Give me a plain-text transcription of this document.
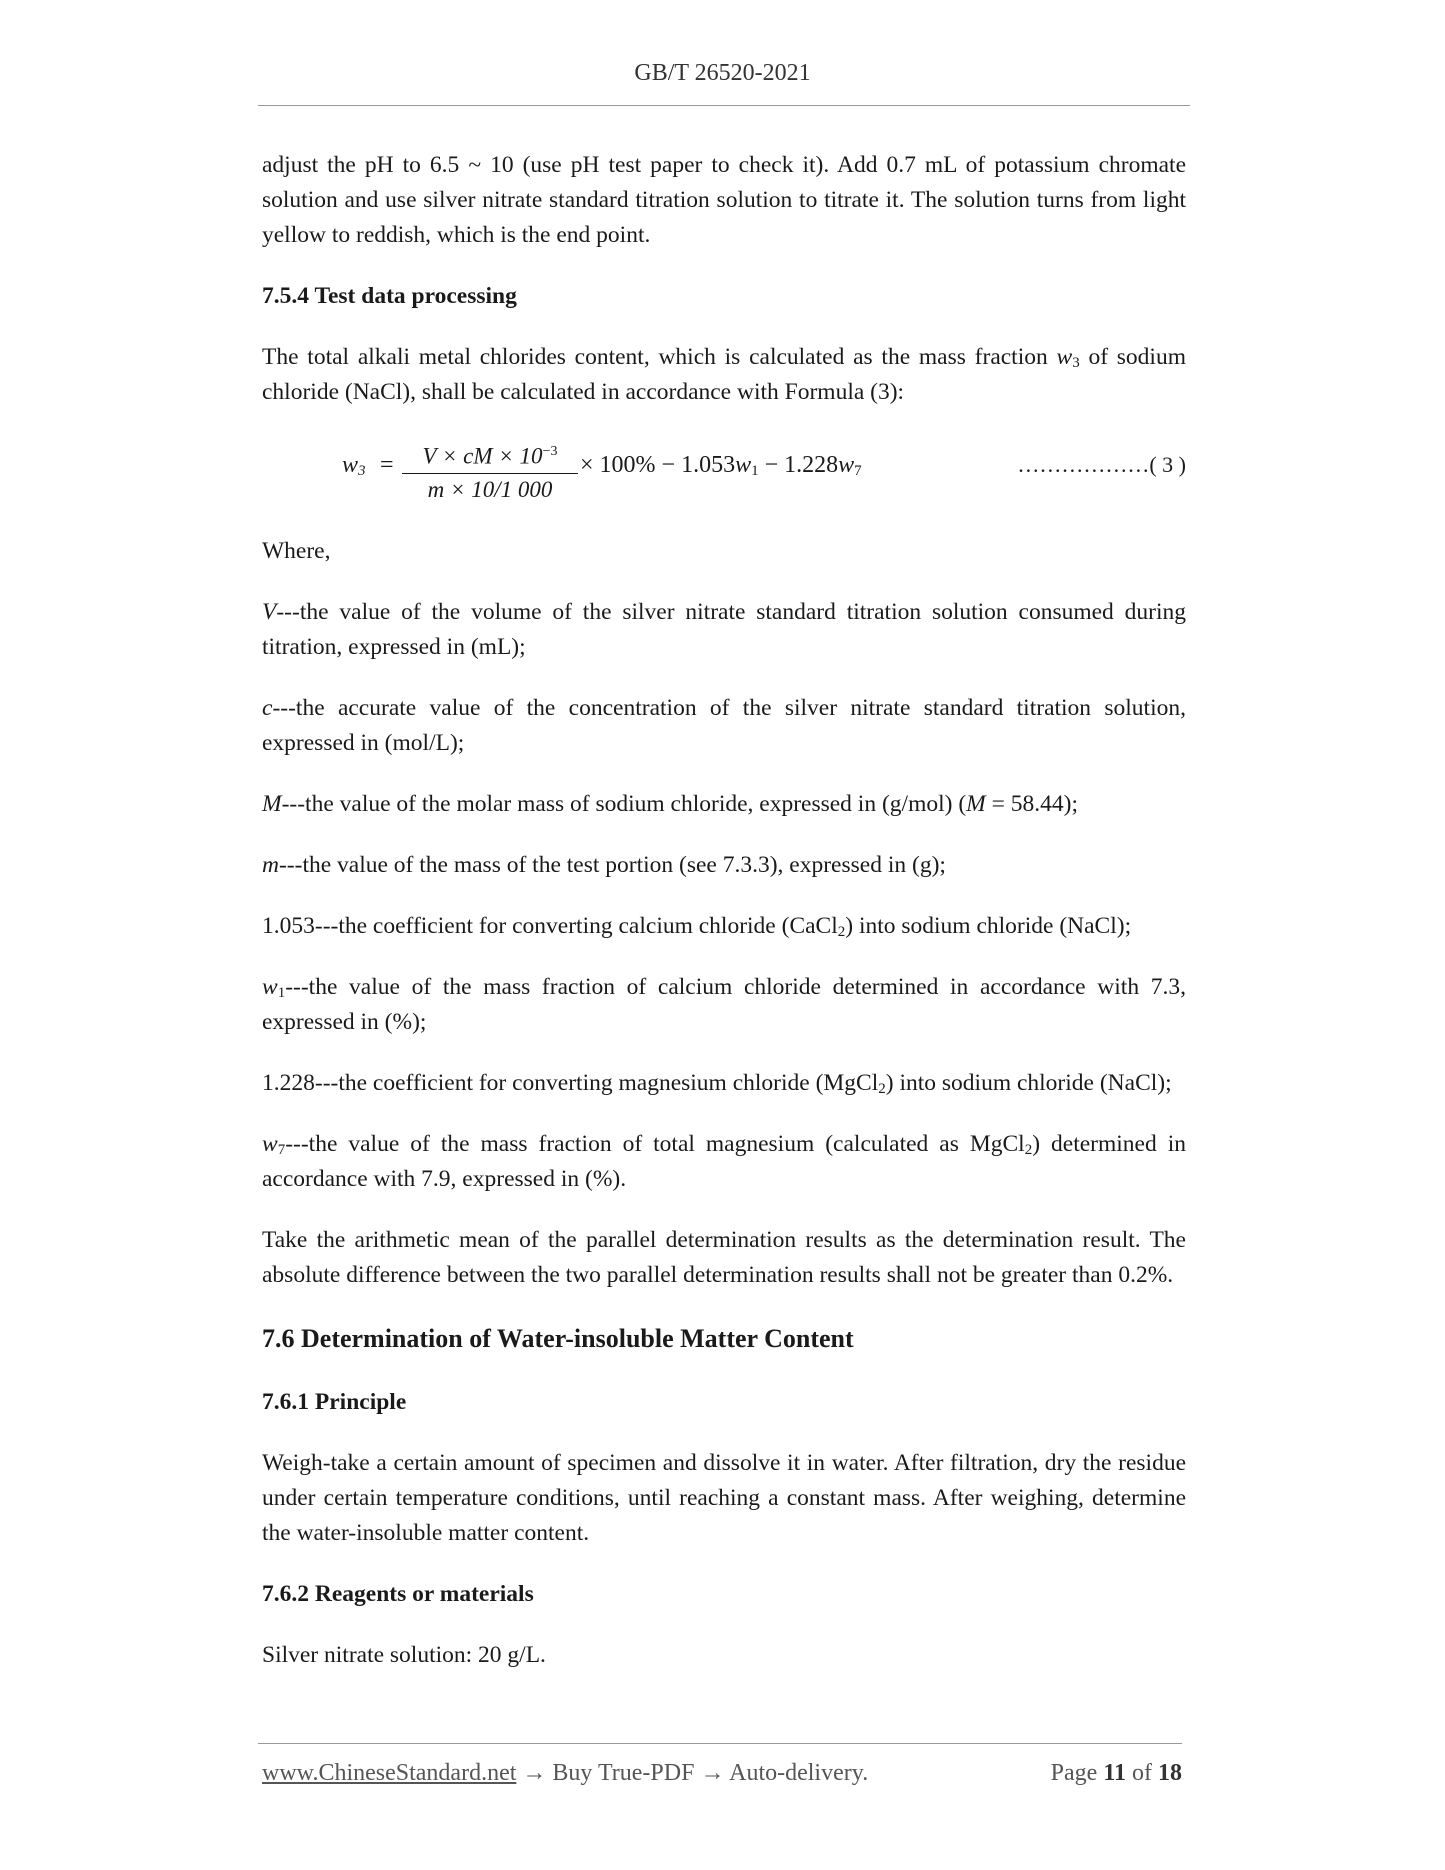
GB/T 26520-2021

adjust the pH to 6.5 ~ 10 (use pH test paper to check it). Add 0.7 mL of potassium chromate solution and use silver nitrate standard titration solution to titrate it. The solution turns from light yellow to reddish, which is the end point.

7.5.4 Test data processing

The total alkali metal chlorides content, which is calculated as the mass fraction $w_3$ of sodium chloride (NaCl), shall be calculated in accordance with Formula (3):

$w_3$ =	V × cM × $10^{-3}$
m × 10/1 000
× $100\% - 1.053w_1 - 1.228w_7$	………………( 3 )

Where,

V---the value of the volume of the silver nitrate standard titration solution consumed during titration, expressed in (mL);

c---the accurate value of the concentration of the silver nitrate standard titration solution, expressed in (mol/L);

M---the value of the molar mass of sodium chloride, expressed in (g/mol) (M = 58.44);

m---the value of the mass of the test portion (see 7.3.3), expressed in (g);

1.053---the coefficient for converting calcium chloride (CaCl$_2$) into sodium chloride (NaCl);

$w_1--$-the value of the mass fraction of calcium chloride determined in accordance with 7.3, expressed in (%);

1.228---the coefficient for converting magnesium chloride (MgCl$_2$) into sodium chloride (NaCl);

$w_7--$-the value of the mass fraction of total magnesium (calculated as MgCl$_2$) determined in accordance with 7.9, expressed in (%).

Take the arithmetic mean of the parallel determination results as the determination result. The absolute difference between the two parallel determination results shall not be greater than 0.2%.

7.6 Determination of Water-insoluble Matter Content
7.6.1 Principle

Weigh-take a certain amount of specimen and dissolve it in water. After filtration, dry the residue under certain temperature conditions, until reaching a constant mass. After weighing, determine the water-insoluble matter content.

7.6.2 Reagents or materials

Silver nitrate solution: 20 g/L.

www.ChineseStandard.net → Buy True-PDF → Auto-delivery.	Page 11 of 18
